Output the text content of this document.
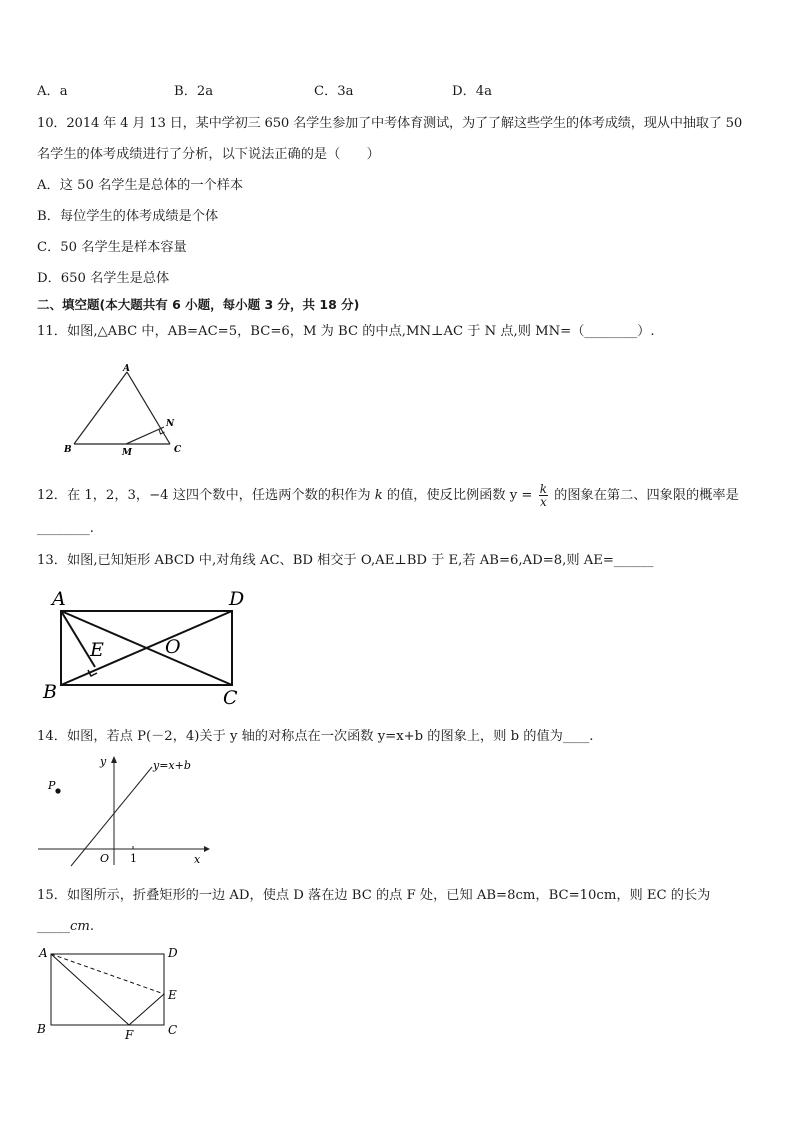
A．a	B．2a	C．3a	D．4a
10．2014 年 4 月 13 日，某中学初三 650 名学生参加了中考体育测试，为了了解这些学生的体考成绩，现从中抽取了 50
名学生的体考成绩进行了分析，以下说法正确的是（　　）
A．这 50 名学生是总体的一个样本
B．每位学生的体考成绩是个体
C．50 名学生是样本容量
D．650 名学生是总体
二、填空题(本大题共有 6 小题，每小题 3 分，共 18 分)
11．如图,△ABC 中，AB=AC=5，BC=6，M 为 BC 的中点,MN⊥AC 于 N 点,则 MN=（________）.
A
B	C
M
N
12．在 1，2，3，−4 这四个数中，任选两个数的积作为 k 的值，使反比例函数 $y = \frac{k}{x}$ 的图象在第二、四象限的概率是
________.
13．如图,已知矩形 ABCD 中,对角线 AC、BD 相交于 O,AE⊥BD 于 E,若 AB=6,AD=8,则 AE=______
A	D
B	C
E	O
14．如图，若点 P(－2，4)关于 y 轴的对称点在一次函数 y=x+b 的图象上，则 b 的值为____.
y
x
O 1
P
y=x+b
15．如图所示，折叠矩形的一边 AD，使点 D 落在边 BC 的点 F 处，已知 AB=8cm，BC=10cm，则 EC 的长为
_____cm.
A	D
E
B	C
F
